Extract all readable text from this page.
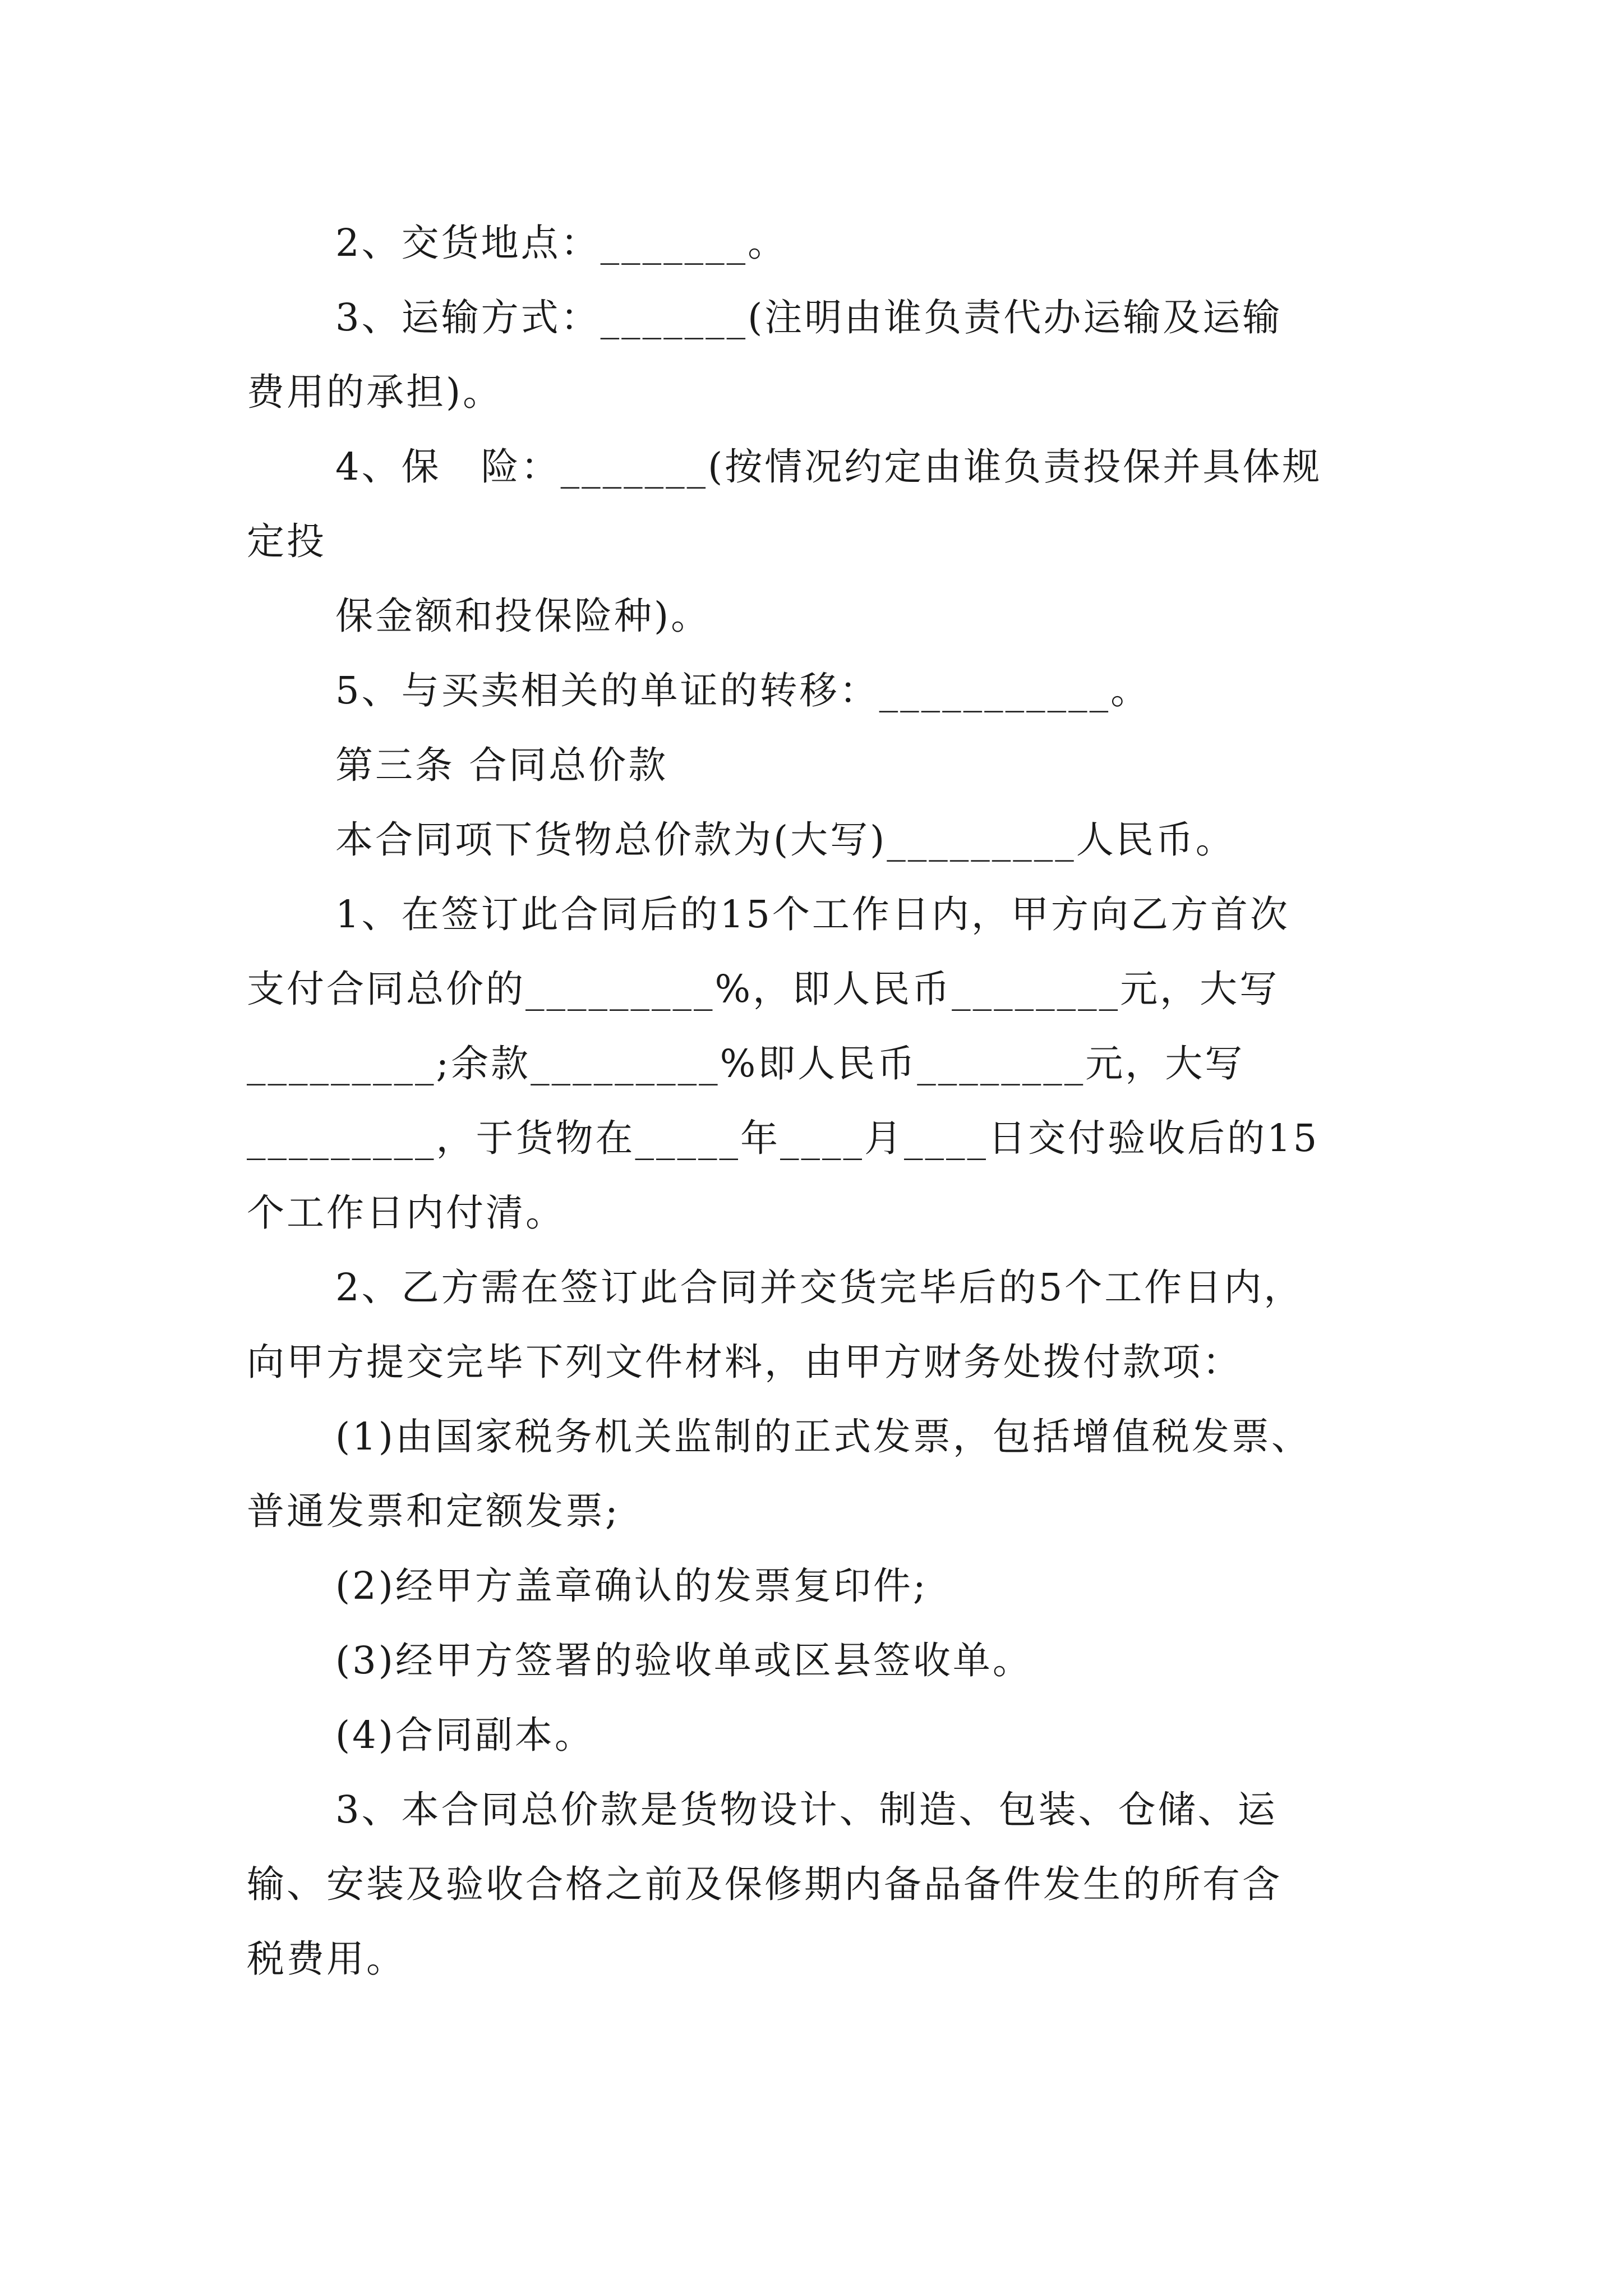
2、交货地点：_______。
3、运输方式：_______(注明由谁负责代办运输及运输
费用的承担)。
4、保　险：_______(按情况约定由谁负责投保并具体规
定投
保金额和投保险种)。
5、与买卖相关的单证的转移：___________。
第三条 合同总价款
本合同项下货物总价款为(大写)_________人民币。
1、在签订此合同后的15个工作日内，甲方向乙方首次
支付合同总价的_________%，即人民币________元，大写
_________;余款_________%即人民币________元，大写
_________，于货物在_____年____月____日交付验收后的15
个工作日内付清。
2、乙方需在签订此合同并交货完毕后的5个工作日内，
向甲方提交完毕下列文件材料，由甲方财务处拨付款项：
(1)由国家税务机关监制的正式发票，包括增值税发票、
普通发票和定额发票;
(2)经甲方盖章确认的发票复印件;
(3)经甲方签署的验收单或区县签收单。
(4)合同副本。
3、本合同总价款是货物设计、制造、包装、仓储、运
输、安装及验收合格之前及保修期内备品备件发生的所有含
税费用。
